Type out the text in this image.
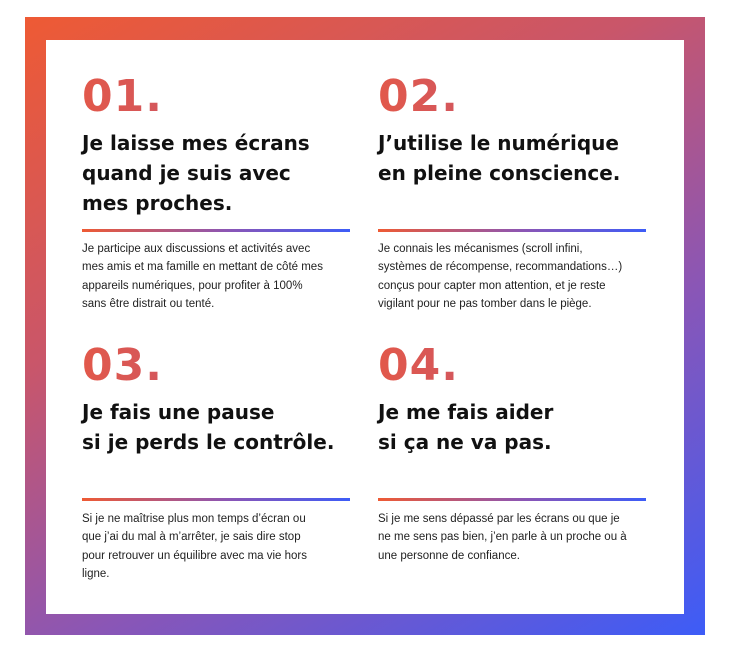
01.
Je laisse mes écrans
quand je suis avec
mes proches.
Je participe aux discussions et activités avec
mes amis et ma famille en mettant de côté mes
appareils numériques, pour profiter à 100%
sans être distrait ou tenté.
02.
J’utilise le numérique
en pleine conscience.
Je connais les mécanismes (scroll infini,
systèmes de récompense, recommandations…)
conçus pour capter mon attention, et je reste
vigilant pour ne pas tomber dans le piège.
03.
Je fais une pause
si je perds le contrôle.
Si je ne maîtrise plus mon temps d’écran ou
que j’ai du mal à m’arrêter, je sais dire stop
pour retrouver un équilibre avec ma vie hors
ligne.
04.
Je me fais aider
si ça ne va pas.
Si je me sens dépassé par les écrans ou que je
ne me sens pas bien, j’en parle à un proche ou à
une personne de confiance.
